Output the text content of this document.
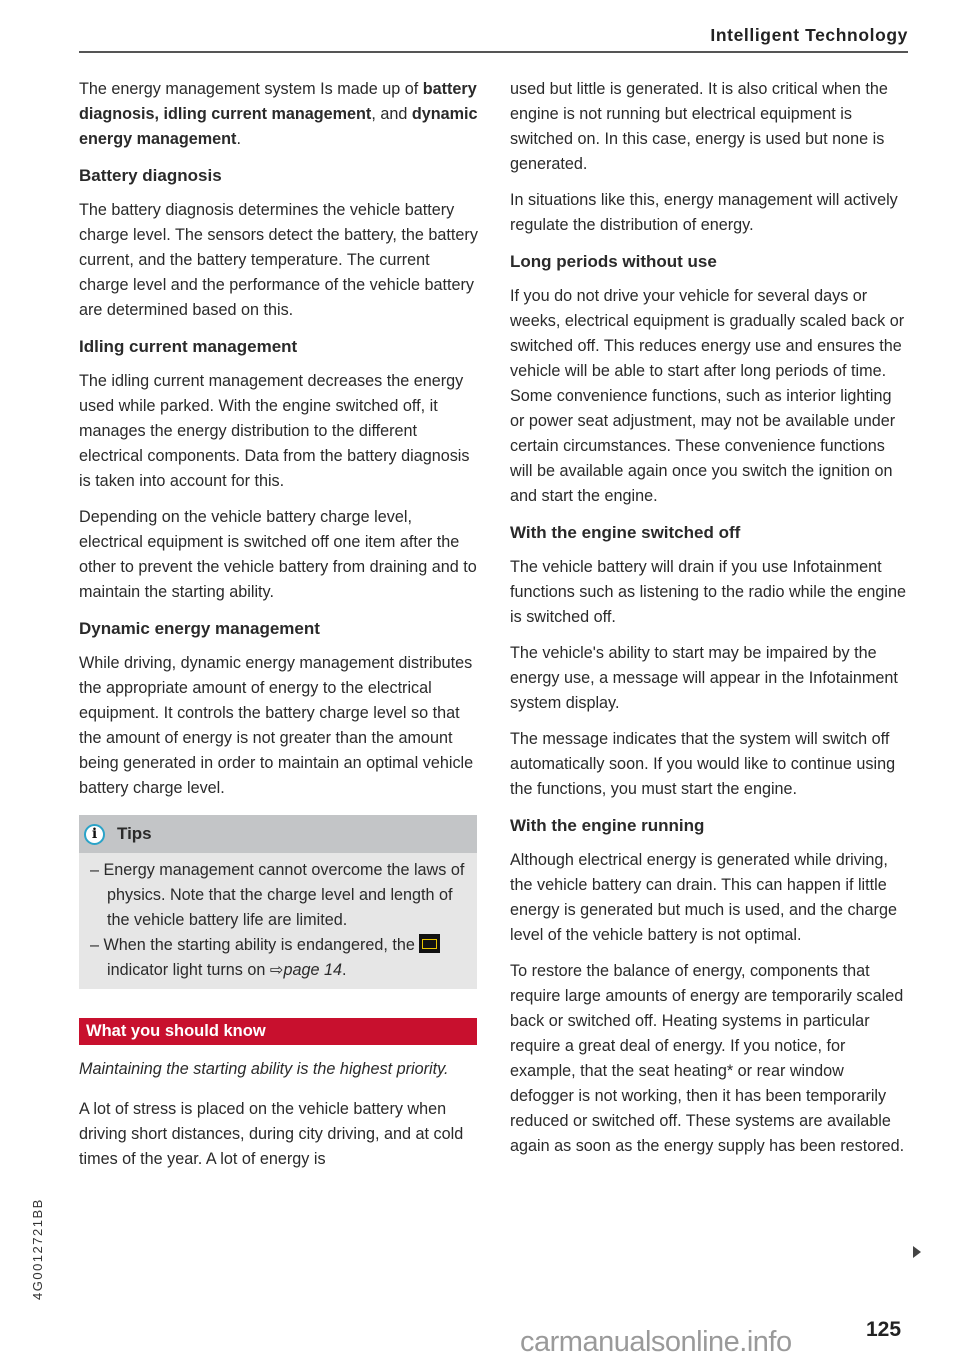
Intelligent Technology
The energy management system Is made up of battery diagnosis, idling current management, and dynamic energy management.
Battery diagnosis
The battery diagnosis determines the vehicle battery charge level. The sensors detect the battery, the battery current, and the battery temperature. The current charge level and the performance of the vehicle battery are determined based on this.
Idling current management
The idling current management decreases the energy used while parked. With the engine switched off, it manages the energy distribution to the different electrical components. Data from the battery diagnosis is taken into account for this.
Depending on the vehicle battery charge level, electrical equipment is switched off one item after the other to prevent the vehicle battery from draining and to maintain the starting ability.
Dynamic energy management
While driving, dynamic energy management distributes the appropriate amount of energy to the electrical equipment. It controls the battery charge level so that the amount of energy is not greater than the amount being generated in order to maintain an optimal vehicle battery charge level.
i	Tips
– Energy management cannot overcome the laws of physics. Note that the charge level and length of the vehicle battery life are limited.
– When the starting ability is endangered, the  indicator light turns on ⇨page 14.
What you should know
Maintaining the starting ability is the highest priority.
A lot of stress is placed on the vehicle battery when driving short distances, during city driving, and at cold times of the year. A lot of energy is
used but little is generated. It is also critical when the engine is not running but electrical equipment is switched on. In this case, energy is used but none is generated.
In situations like this, energy management will actively regulate the distribution of energy.
Long periods without use
If you do not drive your vehicle for several days or weeks, electrical equipment is gradually scaled back or switched off. This reduces energy use and ensures the vehicle will be able to start after long periods of time. Some convenience functions, such as interior lighting or power seat adjustment, may not be available under certain circumstances. These convenience functions will be available again once you switch the ignition on and start the engine.
With the engine switched off
The vehicle battery will drain if you use Infotainment functions such as listening to the radio while the engine is switched off.
The vehicle's ability to start may be impaired by the energy use, a message will appear in the Infotainment system display.
The message indicates that the system will switch off automatically soon. If you would like to continue using the functions, you must start the engine.
With the engine running
Although electrical energy is generated while driving, the vehicle battery can drain. This can happen if little energy is generated but much is used, and the charge level of the vehicle battery is not optimal.
To restore the balance of energy, components that require large amounts of energy are temporarily scaled back or switched off. Heating systems in particular require a great deal of energy. If you notice, for example, that the seat heating* or rear window defogger is not working, then it has been temporarily reduced or switched off. These systems are available again as soon as the energy supply has been restored.
4G0012721BB
carmanualsonline.info	125
